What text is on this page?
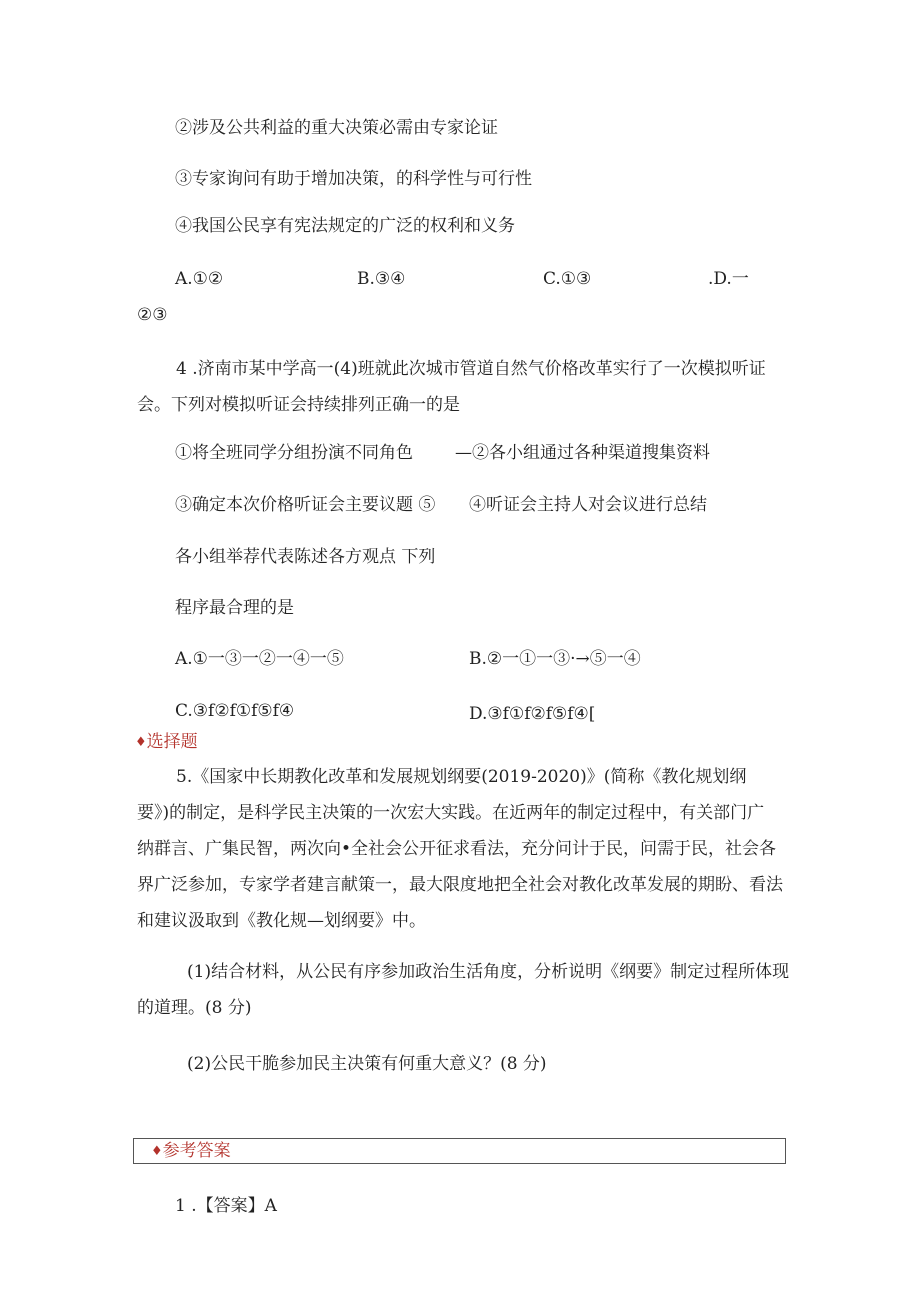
②涉及公共利益的重大决策必需由专家论证
③专家询问有助于增加决策，的科学性与可行性
④我国公民享有宪法规定的广泛的权利和义务
A.①②	B.③④	C.①③	.D.一
②③
4 .济南市某中学高一(4)班就此次城市管道自然气价格改革实行了一次模拟听证
会。下列对模拟听证会持续排列正确一的是
①将全班同学分组扮演不同角色 —②各小组通过各种渠道搜集资料
③确定本次价格听证会主要议题 ⑤ ④听证会主持人对会议进行总结
各小组举荐代表陈述各方观点 下列
程序最合理的是
A.①一③一②一④一⑤	B.②一①一③·→⑤一④
C.③f②f①f⑤f④	D.③f①f②f⑤f④[
♦选择题
5.《国家中长期教化改革和发展规划纲要(2019-2020)》(简称《教化规划纲
要》)的制定，是科学民主决策的一次宏大实践。在近两年的制定过程中，有关部门广
纳群言、广集民智，两次向•全社会公开征求看法，充分问计于民，问需于民，社会各
界广泛参加，专家学者建言献策一，最大限度地把全社会对教化改革发展的期盼、看法
和建议汲取到《教化规—划纲要》中。
(1)结合材料，从公民有序参加政治生活角度，分析说明《纲要》制定过程所体现
的道理。(8 分)
(2)公民干脆参加民主决策有何重大意义？(8 分)
♦参考答案
1 .【答案】A
